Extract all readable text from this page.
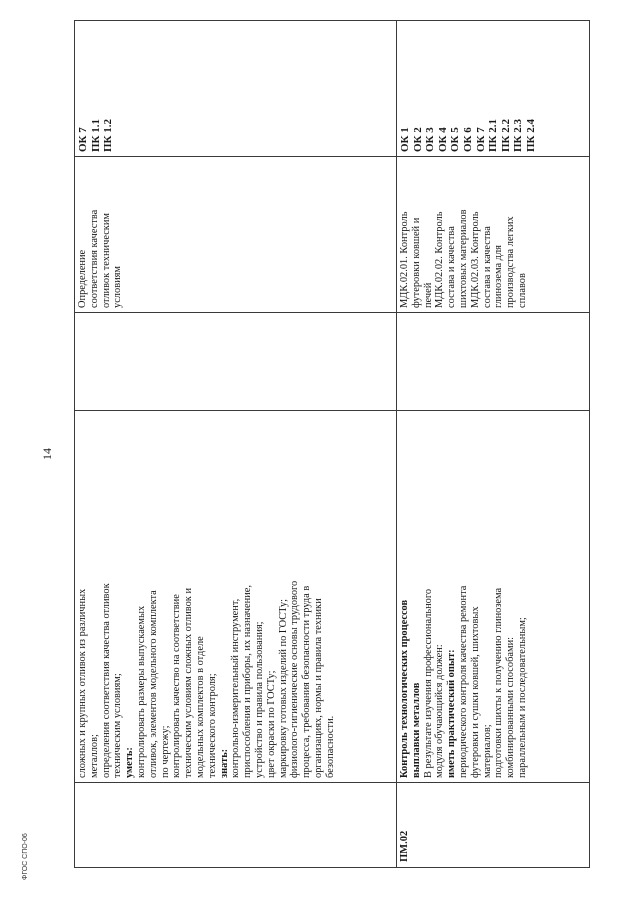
14
ФГОС СПО-06
сложных и крупных отливок из различных металлов; определения соответствия качества отливок техническим условиям; уметь: контролировать размеры выпускаемых отливок, элементов модельного комплекта по чертежу; контролировать качество на соответствие техническим условиям сложных отливок и модельных комплектов в отделе технического контроля; знать: контрольно-измерительный инструмент, приспособления и приборы, их назначение, устройство и правила пользования; цвет окраски по ГОСТу; маркировку готовых изделий по ГОСТу; физиолого-гигиенические основы трудового процесса, требования безопасности труда в организациях, нормы и правила техники безопасности.
Определение соответствия качества отливок техническим условиям
ОК 7 ПК 1.1 ПК 1.2
ПМ.02
Контроль технологических процессов выплавки металлов В результате изучения профессионального модуля обучающийся должен: иметь практический опыт: периодического контроля качества ремонта футеровки и сушки ковшей, шихтовых материалов; подготовки шихты к получению глинозема комбинированными способами: параллельным и последовательным;
МДК.02.01. Контроль футеровки ковшей и печей МДК.02.02. Контроль состава и качества шихтовых материалов МДК.02.03. Контроль состава и качества глинозема для производства легких сплавов
ОК 1 ОК 2 ОК 3 ОК 4 ОК 5 ОК 6 ОК 7 ПК 2.1 ПК 2.2 ПК 2.3 ПК 2.4
